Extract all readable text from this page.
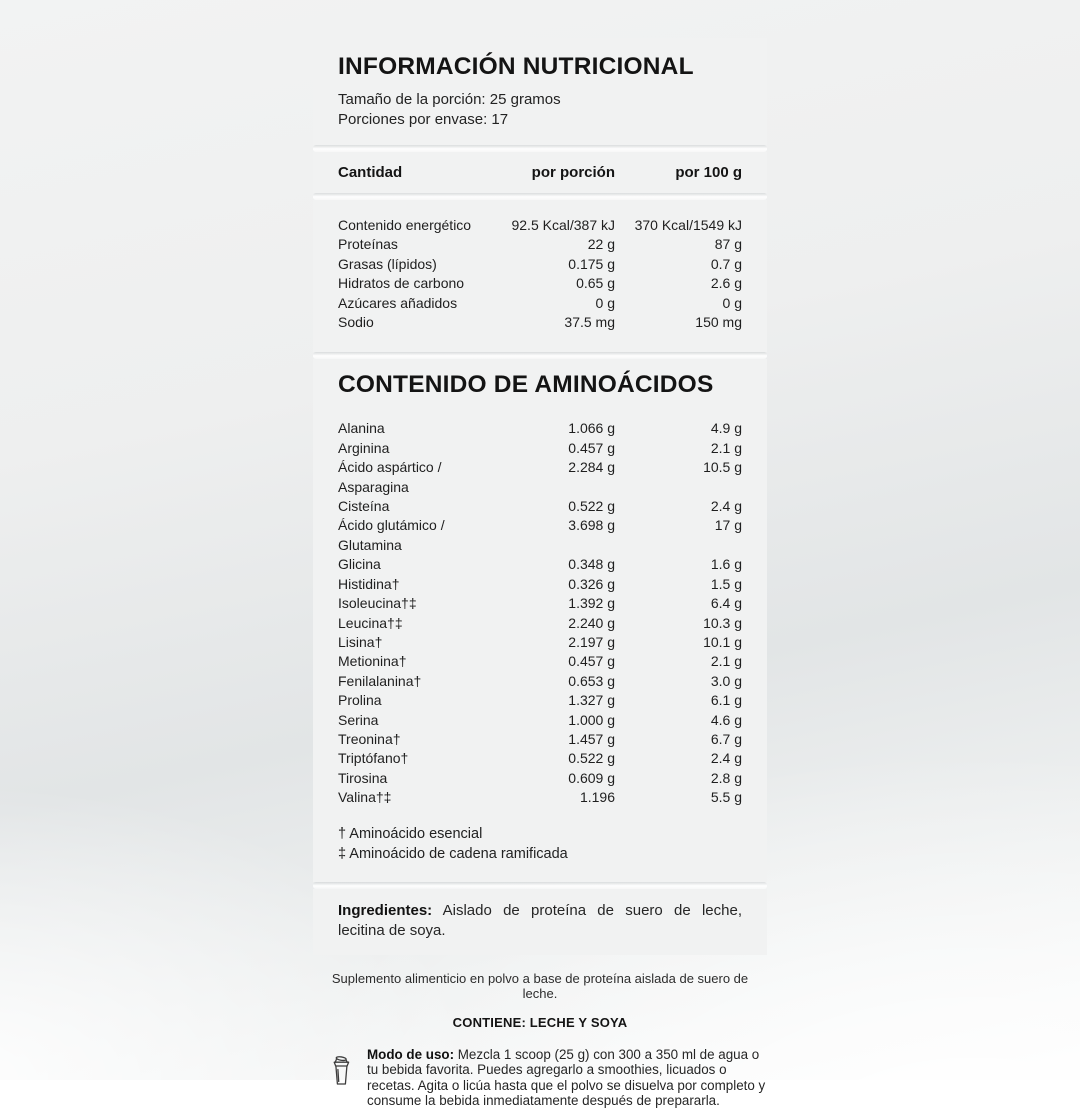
INFORMACIÓN NUTRICIONAL

Tamaño de la porción: 25 gramos

Porciones por envase: 17

Cantidad	por porción	por 100 g
Contenido energético	92.5 Kcal/387 kJ	370 Kcal/1549 kJ
Proteínas	22 g	87 g
Grasas (lípidos)	0.175 g	0.7 g
Hidratos de carbono	0.65 g	2.6 g
Azúcares añadidos	0 g	0 g
Sodio	37.5 mg	150 mg
CONTENIDO DE AMINOÁCIDOS
Alanina	1.066 g	4.9 g
Arginina	0.457 g	2.1 g
Ácido aspártico / Asparagina
2.284 g	10.5 g
Cisteína	0.522 g	2.4 g
Ácido glutámico / Glutamina
3.698 g	17 g
Glicina	0.348 g	1.6 g
Histidina†	0.326 g	1.5 g
Isoleucina†‡	1.392 g	6.4 g
Leucina†‡	2.240 g	10.3 g
Lisina†	2.197 g	10.1 g
Metionina†	0.457 g	2.1 g
Fenilalanina†	0.653 g	3.0 g
Prolina	1.327 g	6.1 g
Serina	1.000 g	4.6 g
Treonina†	1.457 g	6.7 g
Triptófano†	0.522 g	2.4 g
Tirosina	0.609 g	2.8 g
Valina†‡	1.196	5.5 g

† Aminoácido esencial

‡ Aminoácido de cadena ramificada

Ingredientes: Aislado de proteína de suero de leche, lecitina de soya.

Suplemento alimenticio en polvo a base de proteína aislada de suero de leche.

CONTIENE: LECHE Y SOYA

Modo de uso: Mezcla 1 scoop (25 g) con 300 a 350 ml de agua o tu bebida favorita. Puedes agregarlo a smoothies, licuados o recetas. Agita o licúa hasta que el polvo se disuelva por completo y consume la bebida inmediatamente después de prepararla.
